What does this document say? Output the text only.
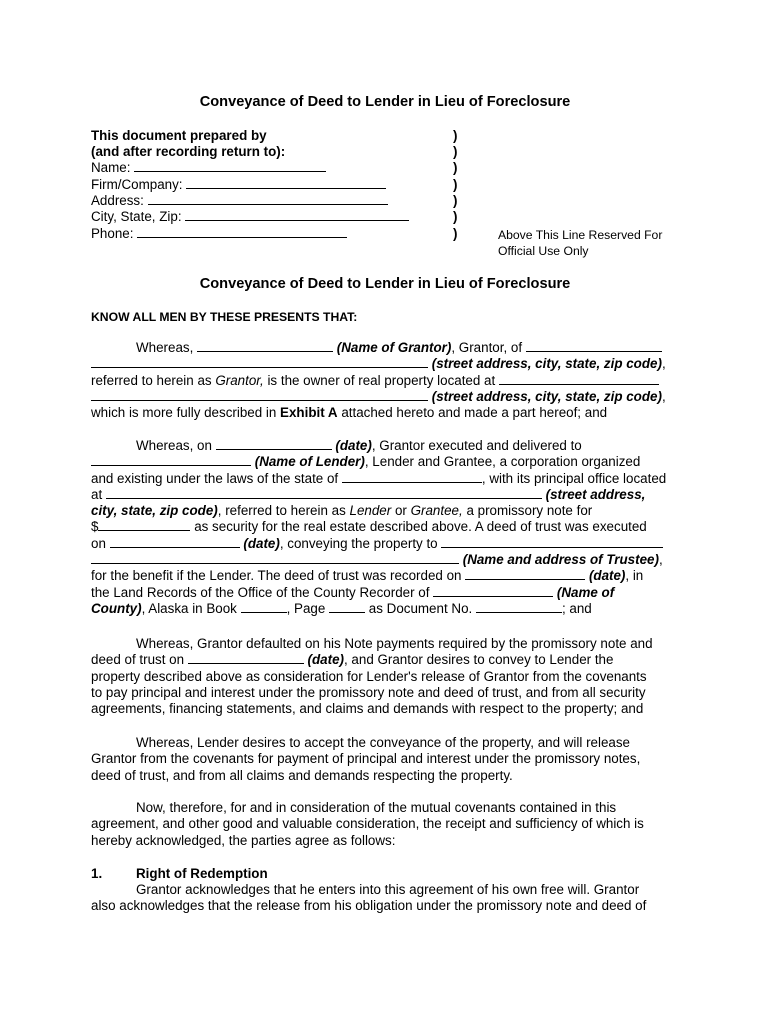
Conveyance of Deed to Lender in Lieu of Foreclosure
This document prepared by
(and after recording return to):
Name:
Firm/Company:
Address:
City, State, Zip:
Phone:
)
)
)
)
)
)
)	Above This Line Reserved For
Official Use Only
Conveyance of Deed to Lender in Lieu of Foreclosure
KNOW ALL MEN BY THESE PRESENTS THAT:
Whereas,	(Name of Grantor), Grantor, of
(street address, city, state, zip code),
referred to herein as Grantor, is the owner of real property located at
(street address, city, state, zip code),
which is more fully described in Exhibit A attached hereto and made a part hereof; and
Whereas, on	(date), Grantor executed and delivered to
(Name of Lender), Lender and Grantee, a corporation organized
and existing under the laws of the state of	, with its principal office located
at	(street address,
city, state, zip code), referred to herein as Lender or Grantee, a promissory note for
$	as security for the real estate described above. A deed of trust was executed
on	(date), conveying the property to
(Name and address of Trustee),
for the benefit if the Lender. The deed of trust was recorded on	(date), in
the Land Records of the Office of the County Recorder of	(Name of
County), Alaska in Book	, Page	as Document No.	; and
Whereas, Grantor defaulted on his Note payments required by the promissory note and
deed of trust on	(date), and Grantor desires to convey to Lender the
property described above as consideration for Lender's release of Grantor from the covenants
to pay principal and interest under the promissory note and deed of trust, and from all security
agreements, financing statements, and claims and demands with respect to the property; and
Whereas, Lender desires to accept the conveyance of the property, and will release
Grantor from the covenants for payment of principal and interest under the promissory notes,
deed of trust, and from all claims and demands respecting the property.
Now, therefore, for and in consideration of the mutual covenants contained in this
agreement, and other good and valuable consideration, the receipt and sufficiency of which is
hereby acknowledged, the parties agree as follows:
1.	Right of Redemption
Grantor acknowledges that he enters into this agreement of his own free will. Grantor
also acknowledges that the release from his obligation under the promissory note and deed of
